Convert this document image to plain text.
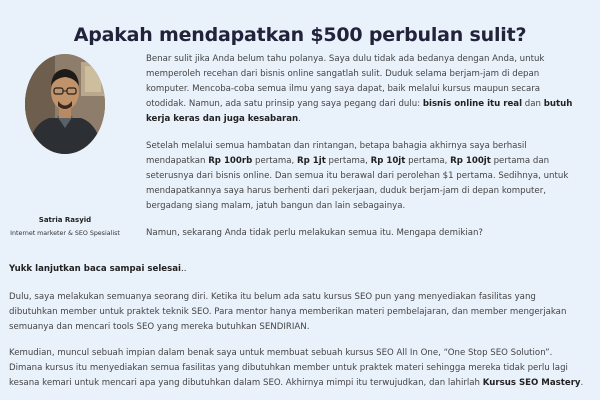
Apakah mendapatkan $500 perbulan sulit?
Satria Rasyid
Internet marketer & SEO Spesialist

Benar sulit jika Anda belum tahu polanya. Saya dulu tidak ada bedanya dengan Anda, untuk memperoleh recehan dari bisnis online sangatlah sulit. Duduk selama berjam-jam di depan komputer. Mencoba-coba semua ilmu yang saya dapat, baik melalui kursus maupun secara otodidak. Namun, ada satu prinsip yang saya pegang dari dulu: bisnis online itu real dan butuh kerja keras dan juga kesabaran.

Setelah melalui semua hambatan dan rintangan, betapa bahagia akhirnya saya berhasil mendapatkan Rp 100rb pertama, Rp 1jt pertama, Rp 10jt pertama, Rp 100jt pertama dan seterusnya dari bisnis online. Dan semua itu berawal dari perolehan $1 pertama. Sedihnya, untuk mendapatkannya saya harus berhenti dari pekerjaan, duduk berjam-jam di depan komputer, bergadang siang malam, jatuh bangun dan lain sebagainya.

Namun, sekarang Anda tidak perlu melakukan semua itu. Mengapa demikian?

Yukk lanjutkan baca sampai selesai..

Dulu, saya melakukan semuanya seorang diri. Ketika itu belum ada satu kursus SEO pun yang menyediakan fasilitas yang dibutuhkan member untuk praktek teknik SEO. Para mentor hanya memberikan materi pembelajaran, dan member mengerjakan semuanya dan mencari tools SEO yang mereka butuhkan SENDIRIAN.

Kemudian, muncul sebuah impian dalam benak saya untuk membuat sebuah kursus SEO All In One, “One Stop SEO Solution”. Dimana kursus itu menyediakan semua fasilitas yang dibutuhkan member untuk praktek materi sehingga mereka tidak perlu lagi kesana kemari untuk mencari apa yang dibutuhkan dalam SEO. Akhirnya mimpi itu terwujudkan, dan lahirlah Kursus SEO Mastery.
